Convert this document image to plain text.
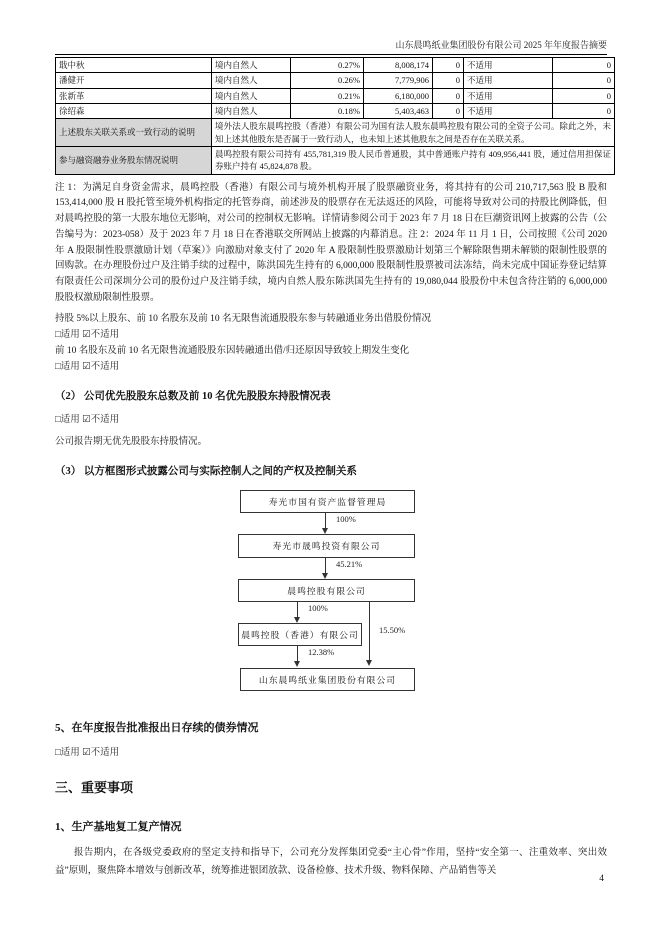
山东晨鸣纸业集团股份有限公司 2025 年年度报告摘要
戢中秋	境内自然人	0.27%	8,008,174	0	不适用	0
潘健开	境内自然人	0.26%	7,779,906	0	不适用	0
张新革	境内自然人	0.21%	6,180,000	0	不适用	0
徐绍森	境内自然人	0.18%	5,403,463	0	不适用	0
上述股东关联关系或一致行动的说明	境外法人股东晨鸣控股（香港）有限公司为国有法人股东晨鸣控股有限公司的全资子公司。除此之外，未知上述其他股东是否属于一致行动人，也未知上述其他股东之间是否存在关联关系。					
参与融资融券业务股东情况说明	晨鸣控股有限公司持有 455,781,319 股人民币普通股，其中普通账户持有 409,956,441 股，通过信用担保证券账户持有 45,824,878 股。					

注 1：为满足自身资金需求，晨鸣控股（香港）有限公司与境外机构开展了股票融资业务，将其持有的公司 210,717,563 股 B 股和 153,414,000 股 H 股托管至境外机构指定的托管券商，前述涉及的股票存在无法返还的风险，可能将导致对公司的持股比例降低，但对晨鸣控股的第一大股东地位无影响，对公司的控制权无影响。详情请参阅公司于 2023 年 7 月 18 日在巨潮资讯网上披露的公告（公告编号为：2023-058）及于 2023 年 7 月 18 日在香港联交所网站上披露的内幕消息。注 2：2024 年 11 月 1 日，公司按照《公司 2020 年 A 股限制性股票激励计划（草案）》向激励对象支付了 2020 年 A 股限制性股票激励计划第三个解除限售期未解锁的限制性股票的回购款。在办理股份过户及注销手续的过程中，陈洪国先生持有的 6,000,000 股限制性股票被司法冻结，尚未完成中国证券登记结算有限责任公司深圳分公司的股份过户及注销手续，境内自然人股东陈洪国先生持有的 19,080,044 股股份中未包含待注销的 6,000,000 股股权激励限制性股票。

持股 5%以上股东、前 10 名股东及前 10 名无限售流通股股东参与转融通业务出借股份情况
□适用 ☑不适用
前 10 名股东及前 10 名无限售流通股股东因转融通出借/归还原因导致较上期发生变化
□适用 ☑不适用
（2） 公司优先股股东总数及前 10 名优先股股东持股情况表
□适用 ☑不适用
公司报告期无优先股股东持股情况。
（3） 以方框图形式披露公司与实际控制人之间的产权及控制关系
寿光市国有资产监督管理局
100%
寿光市晟鸣投资有限公司
45.21%
晨鸣控股有限公司
100%
15.50%
晨鸣控股（香港）有限公司
12.38%
山东晨鸣纸业集团股份有限公司
5、在年度报告批准报出日存续的债券情况
□适用 ☑不适用
三、重要事项
1、生产基地复工复产情况

报告期内，在各级党委政府的坚定支持和指导下，公司充分发挥集团党委“主心骨”作用，坚持“安全第一、注重效率、突出效益”原则，聚焦降本增效与创新改革，统筹推进银团放款、设备检修、技术升级、物料保障、产品销售等关

4
